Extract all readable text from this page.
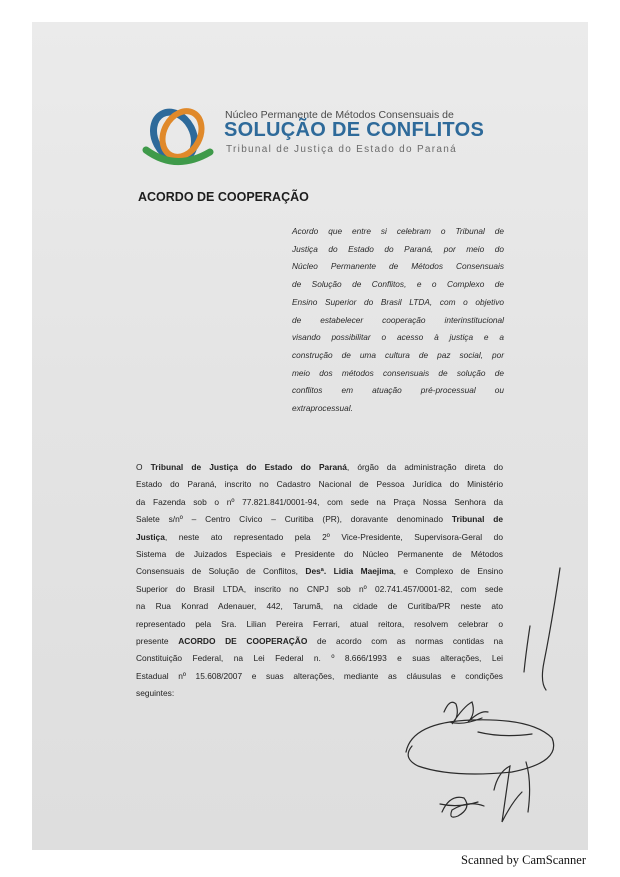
Núcleo Permanente de Métodos Consensuais de
SOLUÇÃO DE CONFLITOS
Tribunal de Justiça do Estado do Paraná
ACORDO DE COOPERAÇÃO
Acordo que entre si celebram o Tribunal de
Justiça do Estado do Paraná, por meio do
Núcleo Permanente de Métodos Consensuais
de Solução de Conflitos, e o Complexo de
Ensino Superior do Brasil LTDA, com o objetivo
de estabelecer cooperação interinstitucional
visando possibilitar o acesso à justiça e a
construção de uma cultura de paz social, por
meio dos métodos consensuais de solução de
conflitos em atuação pré-processual ou
extraprocessual.
O Tribunal de Justiça do Estado do Paraná, órgão da administração direta do
Estado do Paraná, inscrito no Cadastro Nacional de Pessoa Jurídica do Ministério
da Fazenda sob o nº 77.821.841/0001-94, com sede na Praça Nossa Senhora da
Salete s/nº – Centro Cívico – Curitiba (PR), doravante denominado Tribunal de
Justiça, neste ato representado pela 2º Vice-Presidente, Supervisora-Geral do
Sistema de Juizados Especiais e Presidente do Núcleo Permanente de Métodos
Consensuais de Solução de Conflitos, Desª. Lidia Maejima, e Complexo de Ensino
Superior do Brasil LTDA, inscrito no CNPJ sob nº 02.741.457/0001-82, com sede
na Rua Konrad Adenauer, 442, Tarumã, na cidade de Curitiba/PR neste ato
representado pela Sra. Lilian Pereira Ferrari, atual reitora, resolvem celebrar o
presente ACORDO DE COOPERAÇÃO de acordo com as normas contidas na
Constituição Federal, na Lei Federal n. º 8.666/1993 e suas alterações, Lei
Estadual nº 15.608/2007 e suas alterações, mediante as cláusulas e condições
seguintes:
Scanned by CamScanner
